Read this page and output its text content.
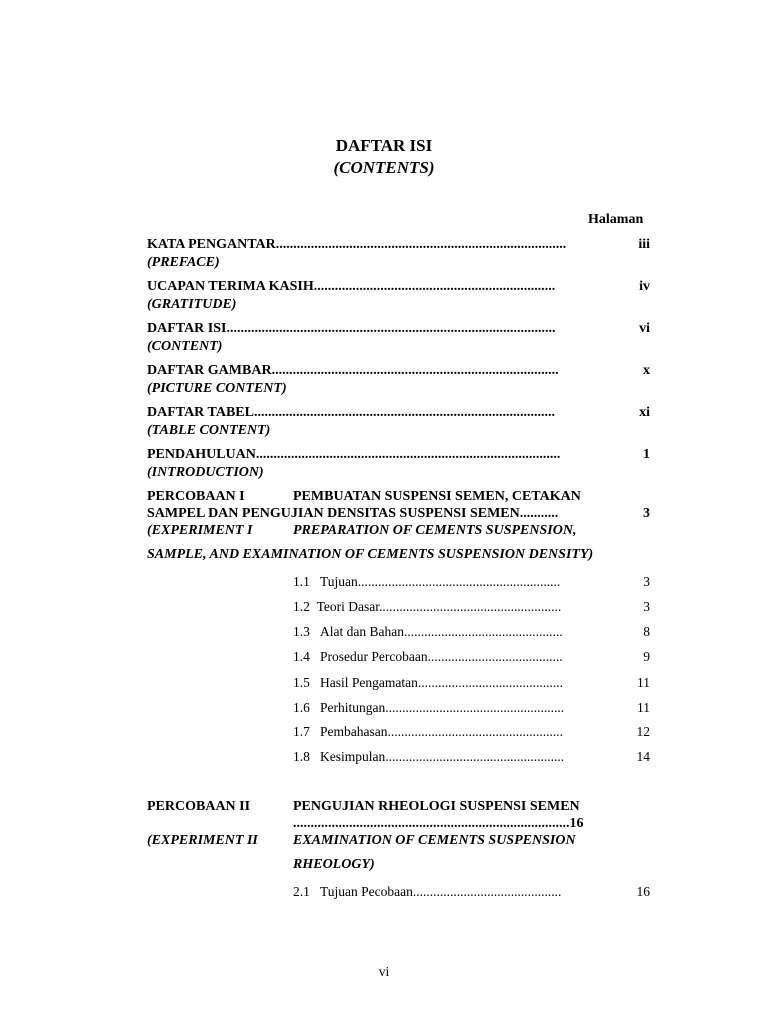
DAFTAR ISI
(CONTENTS)
Halaman
KATA PENGANTAR...................................................................................	iii
(PREFACE)
UCAPAN TERIMA KASIH.....................................................................	iv
(GRATITUDE)
DAFTAR ISI..............................................................................................	vi
(CONTENT)
DAFTAR GAMBAR..................................................................................	x
(PICTURE CONTENT)
DAFTAR TABEL......................................................................................	xi
(TABLE CONTENT)
PENDAHULUAN.......................................................................................	1
(INTRODUCTION)
PERCOBAAN I	PEMBUATAN SUSPENSI SEMEN, CETAKAN
SAMPEL DAN PENGUJIAN DENSITAS SUSPENSI SEMEN...........	3
(EXPERIMENT I	PREPARATION OF CEMENTS SUSPENSION,
SAMPLE, AND EXAMINATION OF CEMENTS SUSPENSION DENSITY)
1.1 Tujuan............................................................	3
1.2 Teori Dasar......................................................	3
1.3 Alat dan Bahan...............................................	8
1.4 Prosedur Percobaan........................................	9
1.5 Hasil Pengamatan...........................................	11
1.6 Perhitungan.....................................................	11
1.7 Pembahasan....................................................	12
1.8 Kesimpulan.....................................................	14
PERCOBAAN II	PENGUJIAN RHEOLOGI SUSPENSI SEMEN
...............................................................................16
(EXPERIMENT II	EXAMINATION OF CEMENTS SUSPENSION
RHEOLOGY)
2.1 Tujuan Pecobaan............................................	16
vi
